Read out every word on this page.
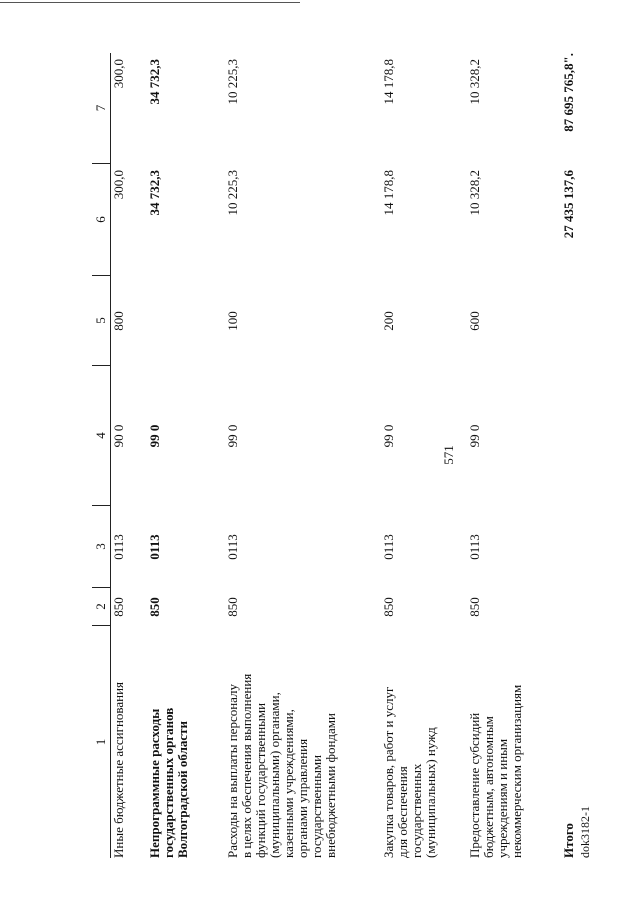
571
1
2
3
4
5
6
7
Иные бюджетные ассигнования
850
0113
90 0
800
300,0
300,0
Непрограммные расходы
государственных органов
Волгоградской области
850
0113
99 0
34 732,3
34 732,3
Расходы на выплаты персоналу
в целях обеспечения выполнения
функций государственными
(муниципальными) органами,
казенными учреждениями,
органами управления
государственными
внебюджетными фондами
850
0113
99 0
100
10 225,3
10 225,3
Закупка товаров, работ и услуг
для обеспечения
государственных
(муниципальных) нужд
850
0113
99 0
200
14 178,8
14 178,8
Предоставление субсидий
бюджетным, автономным
учреждениям и иным
некоммерческим организациям
850
0113
99 0
600
10 328,2
10 328,2
Итого
27 435 137,6
87 695 765,8".
dok3182-1
